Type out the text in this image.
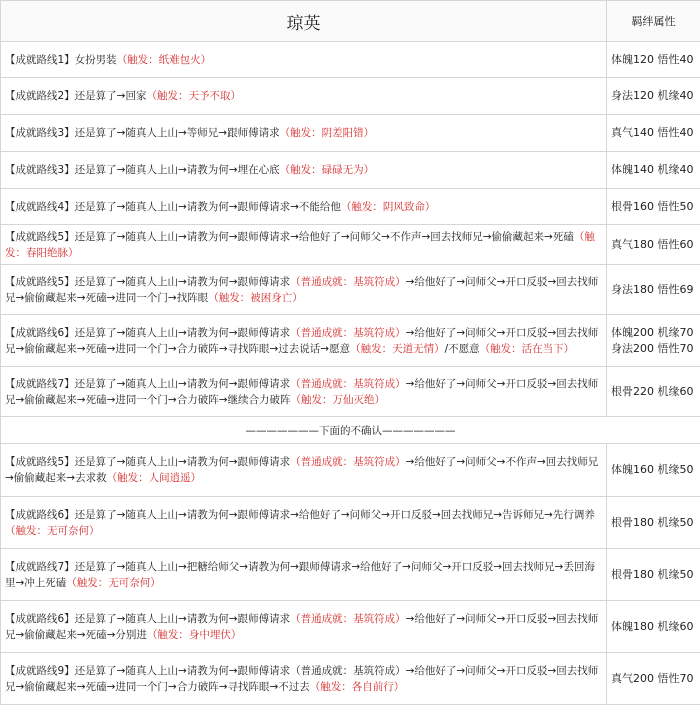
琼英	羁绊属性
【成就路线1】女扮男装（触发：纸难包火）	体魄120 悟性40

【成就路线2】还是算了→回家（触发：天予不取）	身法120 机缘40

【成就路线3】还是算了→随真人上山→等师兄→跟师傅请求（触发：阴差阳错）	真气140 悟性40

【成就路线3】还是算了→随真人上山→请教为何→埋在心底（触发：碌碌无为）	体魄140 机缘40

【成就路线4】还是算了→随真人上山→请教为何→跟师傅请求→不能给他（触发：阴风致命）	根骨160 悟性50

【成就路线5】还是算了→随真人上山→请教为何→跟师傅请求→给他好了→问师父→不作声→回去找师兄→偷偷藏起来→死磕（触发：春阳绝脉）	真气180 悟性60

【成就路线5】还是算了→随真人上山→请教为何→跟师傅请求（普通成就：基筑符成）→给他好了→问师父→开口反驳→回去找师兄→偷偷藏起来→死磕→进同一个门→找阵眼（触发：被困身亡）	身法180 悟性69

【成就路线6】还是算了→随真人上山→请教为何→跟师傅请求（普通成就：基筑符成）→给他好了→问师父→开口反驳→回去找师兄→偷偷藏起来→死磕→进同一个门→合力破阵→寻找阵眼→过去说话→愿意（触发：天道无情）/不愿意（触发：活在当下）	体魄200 机缘70
身法200 悟性70

【成就路线7】还是算了→随真人上山→请教为何→跟师傅请求（普通成就：基筑符成）→给他好了→问师父→开口反驳→回去找师兄→偷偷藏起来→死磕→进同一个门→合力破阵→继续合力破阵（触发：万仙灭绝）	根骨220 机缘60

———————下面的不确认———————	
【成就路线5】还是算了→随真人上山→请教为何→跟师傅请求（普通成就：基筑符成）→给他好了→问师父→不作声→回去找师兄→偷偷藏起来→去求救（触发：人间逍遥）	体魄160 机缘50

【成就路线6】还是算了→随真人上山→请教为何→跟师傅请求→给他好了→问师父→开口反驳→回去找师兄→告诉师兄→先行调养（触发：无可奈何）	根骨180 机缘50

【成就路线7】还是算了→随真人上山→把糖给师父→请教为何→跟师傅请求→给他好了→问师父→开口反驳→回去找师兄→丢回海里→冲上死磕（触发：无可奈何）	根骨180 机缘50

【成就路线6】还是算了→随真人上山→请教为何→跟师傅请求（普通成就：基筑符成）→给他好了→问师父→开口反驳→回去找师兄→偷偷藏起来→死磕→分别进（触发：身中埋伏）	体魄180 机缘60

【成就路线9】还是算了→随真人上山→请教为何→跟师傅请求（普通成就：基筑符成）→给他好了→问师父→开口反驳→回去找师兄→偷偷藏起来→死磕→进同一个门→合力破阵→寻找阵眼→不过去（触发：各自前行）	真气200 悟性70
